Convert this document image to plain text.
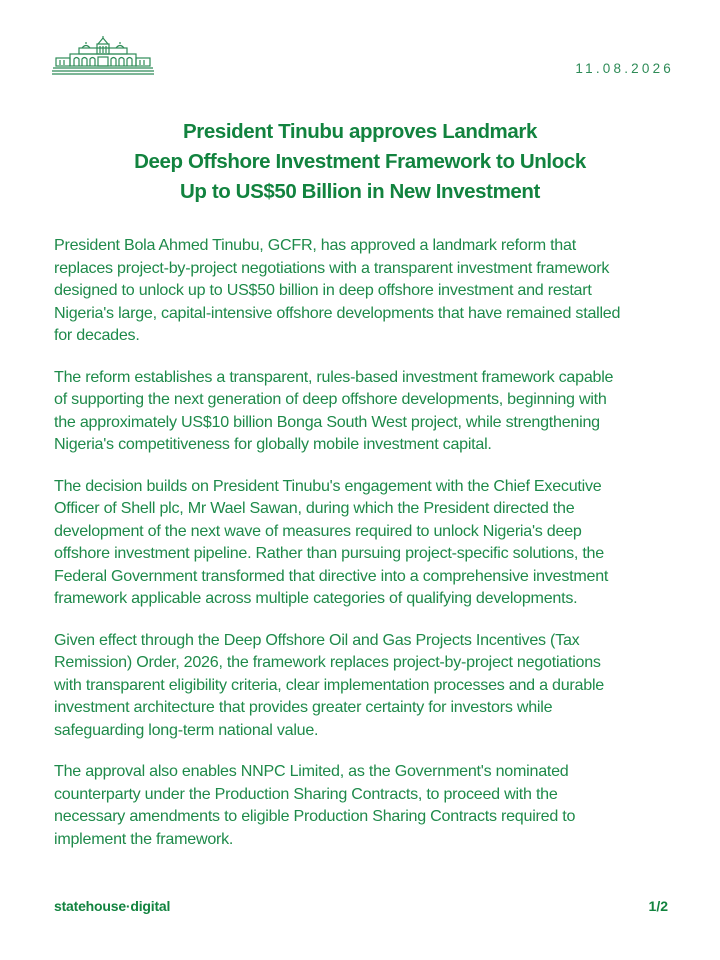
11.08.2026
President Tinubu approves Landmark
Deep Offshore Investment Framework to Unlock
Up to US$50 Billion in New Investment

President Bola Ahmed Tinubu, GCFR, has approved a landmark reform that
replaces project-by-project negotiations with a transparent investment framework
designed to unlock up to US$50 billion in deep offshore investment and restart
Nigeria's large, capital-intensive offshore developments that have remained stalled
for decades.

The reform establishes a transparent, rules-based investment framework capable
of supporting the next generation of deep offshore developments, beginning with
the approximately US$10 billion Bonga South West project, while strengthening
Nigeria's competitiveness for globally mobile investment capital.

The decision builds on President Tinubu's engagement with the Chief Executive
Officer of Shell plc, Mr Wael Sawan, during which the President directed the
development of the next wave of measures required to unlock Nigeria's deep
offshore investment pipeline. Rather than pursuing project-specific solutions, the
Federal Government transformed that directive into a comprehensive investment
framework applicable across multiple categories of qualifying developments.

Given effect through the Deep Offshore Oil and Gas Projects Incentives (Tax
Remission) Order, 2026, the framework replaces project-by-project negotiations
with transparent eligibility criteria, clear implementation processes and a durable
investment architecture that provides greater certainty for investors while
safeguarding long-term national value.

The approval also enables NNPC Limited, as the Government's nominated
counterparty under the Production Sharing Contracts, to proceed with the
necessary amendments to eligible Production Sharing Contracts required to
implement the framework.

statehouse·digital	1/2
